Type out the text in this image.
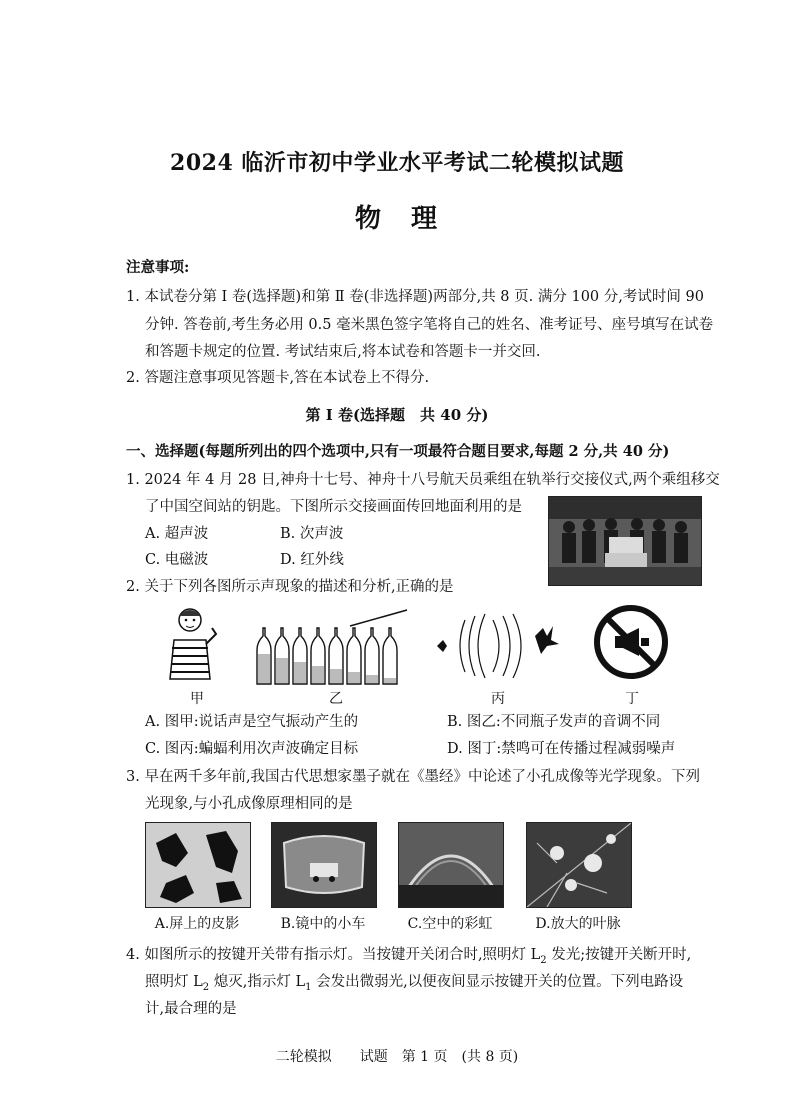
2024 临沂市初中学业水平考试二轮模拟试题
物　理
注意事项:
1. 本试卷分第 I 卷(选择题)和第 Ⅱ 卷(非选择题)两部分,共 8 页. 满分 100 分,考试时间 90
分钟. 答卷前,考生务必用 0.5 毫米黑色签字笔将自己的姓名、准考证号、座号填写在试卷
和答题卡规定的位置. 考试结束后,将本试卷和答题卡一并交回.
2. 答题注意事项见答题卡,答在本试卷上不得分.
第 I 卷(选择题　共 40 分)
一、选择题(每题所列出的四个选项中,只有一项最符合题目要求,每题 2 分,共 40 分)
1. 2024 年 4 月 28 日,神舟十七号、神舟十八号航天员乘组在轨举行交接仪式,两个乘组移交
了中国空间站的钥匙。下图所示交接画面传回地面利用的是
A. 超声波	B. 次声波
C. 电磁波	D. 红外线
2. 关于下列各图所示声现象的描述和分析,正确的是
甲	乙	丙	丁
A. 图甲:说话声是空气振动产生的	B. 图乙:不同瓶子发声的音调不同
C. 图丙:蝙蝠利用次声波确定目标	D. 图丁:禁鸣可在传播过程减弱噪声
3. 早在两千多年前,我国古代思想家墨子就在《墨经》中论述了小孔成像等光学现象。下列
光现象,与小孔成像原理相同的是
A.屏上的皮影	B.镜中的小车	C.空中的彩虹	D.放大的叶脉
4. 如图所示的按键开关带有指示灯。当按键开关闭合时,照明灯 $L_2$ 发光;按键开关断开时,
照明灯 $L_2$ 熄灭,指示灯 $L_1$ 会发出微弱光,以便夜间显示按键开关的位置。下列电路设
计,最合理的是
二轮模拟　　试题　第 1 页　(共 8 页)
